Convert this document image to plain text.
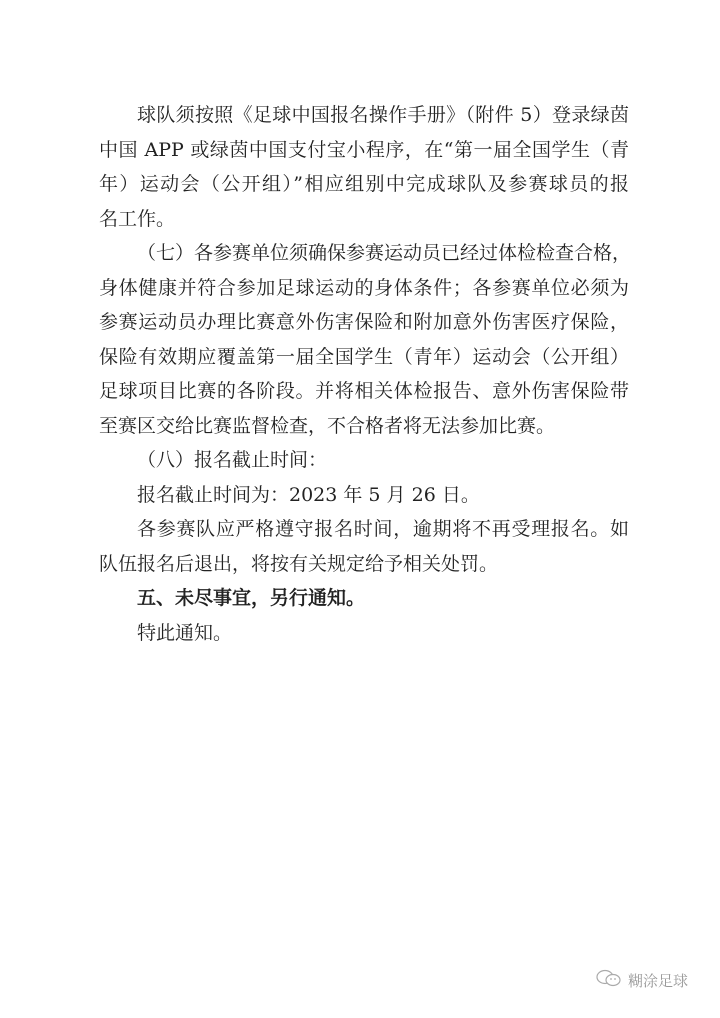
球队须按照《足球中国报名操作手册》（附件 5）登录绿茵
中国 APP 或绿茵中国支付宝小程序，在“第一届全国学生（青
年）运动会（公开组）”相应组别中完成球队及参赛球员的报
名工作。
（七）各参赛单位须确保参赛运动员已经过体检检查合格，
身体健康并符合参加足球运动的身体条件；各参赛单位必须为
参赛运动员办理比赛意外伤害保险和附加意外伤害医疗保险，
保险有效期应覆盖第一届全国学生（青年）运动会（公开组）
足球项目比赛的各阶段。并将相关体检报告、意外伤害保险带
至赛区交给比赛监督检查，不合格者将无法参加比赛。
（八）报名截止时间：
报名截止时间为：2023 年 5 月 26 日。
各参赛队应严格遵守报名时间，逾期将不再受理报名。如
队伍报名后退出，将按有关规定给予相关处罚。
五、未尽事宜，另行通知。
特此通知。
糊涂足球
